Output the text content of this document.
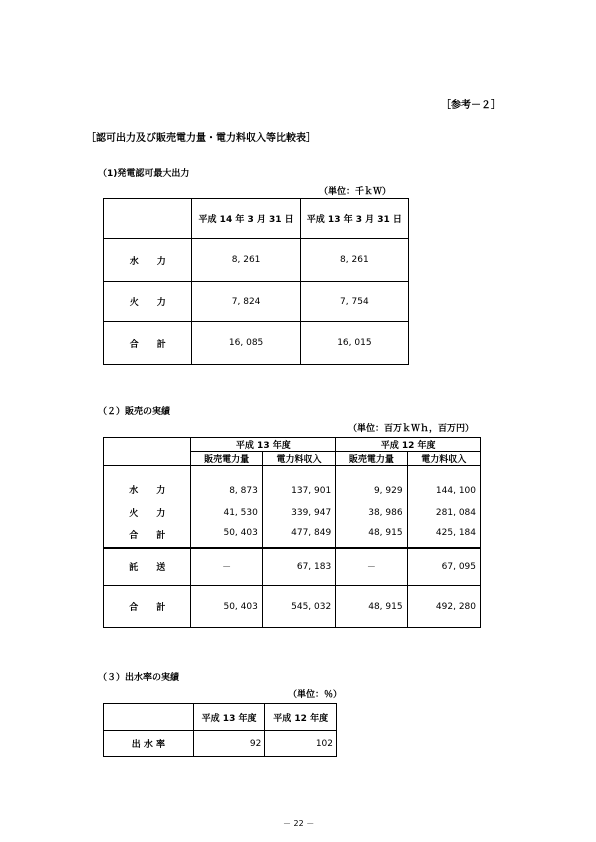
［参考－２］
［認可出力及び販売電力量・電力料収入等比較表］
（1)発電認可最大出力
（単位：千ｋＷ）
	平成 14 年 3 月 31 日	平成 13 年 3 月 31 日
水　　力	8, 261	8, 261
火　　力	7, 824	7, 754
合　　計	16, 085	16, 015
（２）販売の実績
（単位：百万ｋＷｈ，百万円）
	平成 13 年度		平成 12 年度	
	販売電力量	電力料収入	販売電力量	電力料収入
水　　力	8, 873	137, 901	9, 929	144, 100
火　　力	41, 530	339, 947	38, 986	281, 084
合　　計	50, 403	477, 849	48, 915	425, 184
託　　送	－	67, 183	－	67, 095
合　　計	50, 403	545, 032	48, 915	492, 280
（３）出水率の実績
（単位：％）
	平成 13 年度	平成 12 年度
出 水 率	92	102
－ 22 －
